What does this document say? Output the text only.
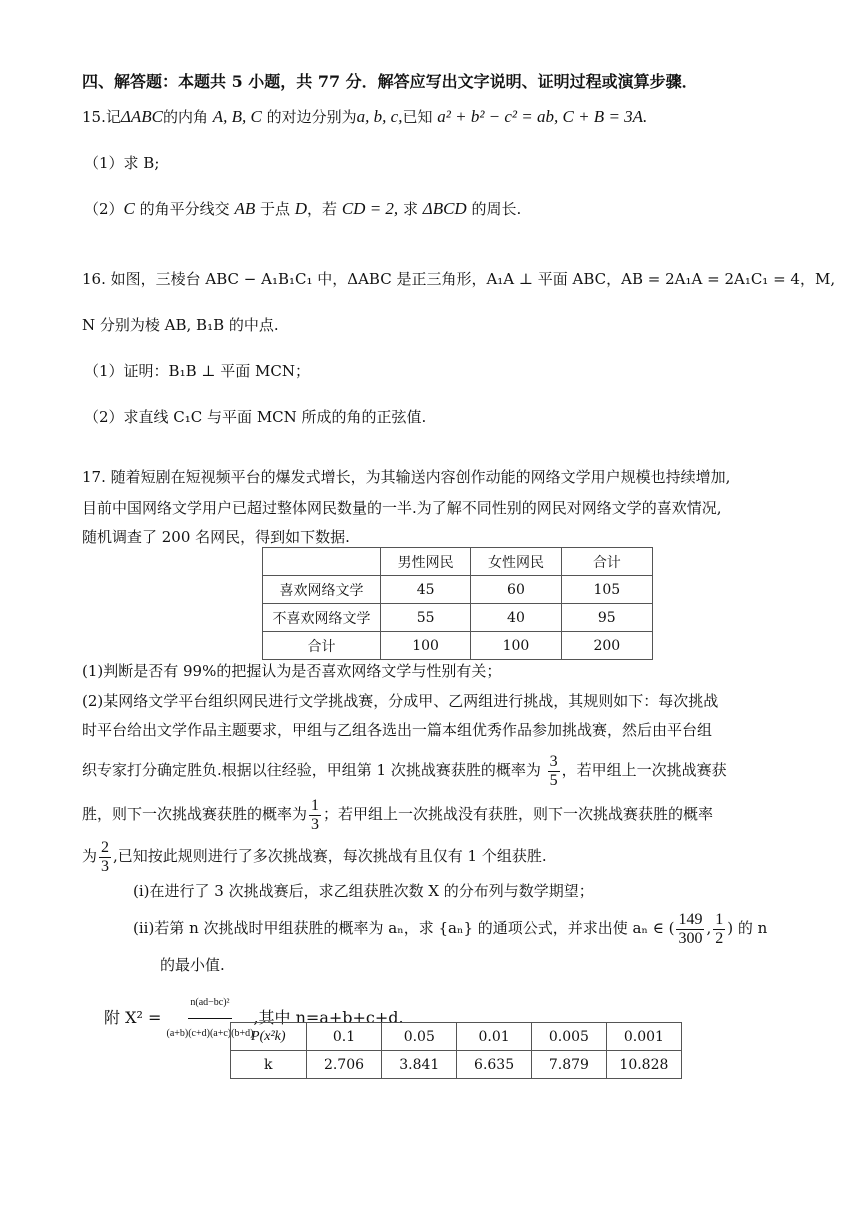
四、解答题：本题共 5 小题，共 77 分．解答应写出文字说明、证明过程或演算步骤．
15.记ΔABC的内角 A, B, C 的对边分别为a, b, c,已知 a² + b² − c² = ab, C + B = 3A.
（1）求 B;
（2）C 的角平分线交 AB 于点 D，若 CD = 2, 求 ΔBCD 的周长.
16. 如图，三棱台 ABC − A₁B₁C₁ 中，ΔABC 是正三角形，A₁A ⊥ 平面 ABC，AB = 2A₁A = 2A₁C₁ = 4，M,
N 分别为棱 AB, B₁B 的中点.
（1）证明：B₁B ⊥ 平面 MCN；
（2）求直线 C₁C 与平面 MCN 所成的角的正弦值.
17. 随着短剧在短视频平台的爆发式增长，为其输送内容创作动能的网络文学用户规模也持续增加,
目前中国网络文学用户已超过整体网民数量的一半.为了解不同性别的网民对网络文学的喜欢情况,
随机调查了 200 名网民，得到如下数据.
	男性网民	女性网民	合计
喜欢网络文学	45	60	105
不喜欢网络文学	55	40	95
合计	100	100	200
(1)判断是否有 99%的把握认为是否喜欢网络文学与性别有关；
(2)某网络文学平台组织网民进行文学挑战赛，分成甲、乙两组进行挑战，其规则如下：每次挑战
时平台给出文学作品主题要求，甲组与乙组各选出一篇本组优秀作品参加挑战赛，然后由平台组
织专家打分确定胜负.根据以往经验，甲组第 1 次挑战赛获胜的概率为 $\frac{3}{5}$ ，若甲组上一次挑战赛获
胜，则下一次挑战赛获胜的概率为 $\frac{1}{3}$ ；若甲组上一次挑战没有获胜，则下一次挑战赛获胜的概率
为 $\frac{2}{3}$ ,已知按此规则进行了多次挑战赛，每次挑战有且仅有 1 个组获胜.
(i)在进行了 3 次挑战赛后，求乙组获胜次数 X 的分布列与数学期望；
(ii)若第 n 次挑战时甲组获胜的概率为 aₙ，求 {aₙ} 的通项公式，并求出使 aₙ ∈ ( $\frac{149}{300}$ , $\frac{1}{2}$ ) 的 n
的最小值.
附 $X^2 = \frac{\text{n(ad−bc)²}}{(a+b)(c+d)(a+c)(b+d)}$ ,其中 n=a+b+c+d.
P(x²k)	0.1	0.05	0.01	0.005	0.001
k	2.706	3.841	6.635	7.879	10.828
